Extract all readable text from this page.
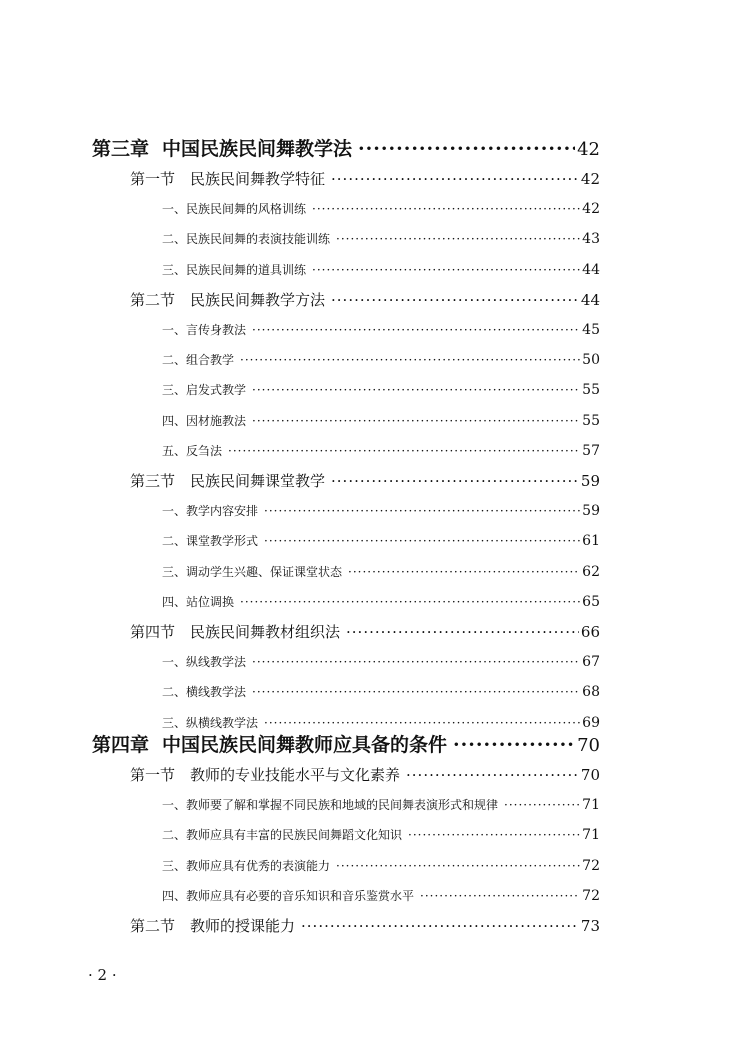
第三章 中国民族民间舞教学法 ·····	42
第一节 民族民间舞教学特征 ·····	42
一、民族民间舞的风格训练 ·····	42
二、民族民间舞的表演技能训练 ·····	43
三、民族民间舞的道具训练 ·····	44
第二节 民族民间舞教学方法 ·····	44
一、言传身教法 ·····	45
二、组合教学 ·····	50
三、启发式教学 ·····	55
四、因材施教法 ·····	55
五、反刍法 ·····	57
第三节 民族民间舞课堂教学 ·····	59
一、教学内容安排 ·····	59
二、课堂教学形式 ·····	61
三、调动学生兴趣、保证课堂状态 ·····	62
四、站位调换 ·····	65
第四节 民族民间舞教材组织法 ·····	66
一、纵线教学法 ·····	67
二、横线教学法 ·····	68
三、纵横线教学法 ·····	69
第四章 中国民族民间舞教师应具备的条件 ·····	70
第一节 教师的专业技能水平与文化素养 ·····	70
一、教师要了解和掌握不同民族和地域的民间舞表演形式和规律 ·····	71
二、教师应具有丰富的民族民间舞蹈文化知识 ·····	71
三、教师应具有优秀的表演能力 ·····	72
四、教师应具有必要的音乐知识和音乐鉴赏水平 ·····	72
第二节 教师的授课能力 ·····	73
· 2 ·
